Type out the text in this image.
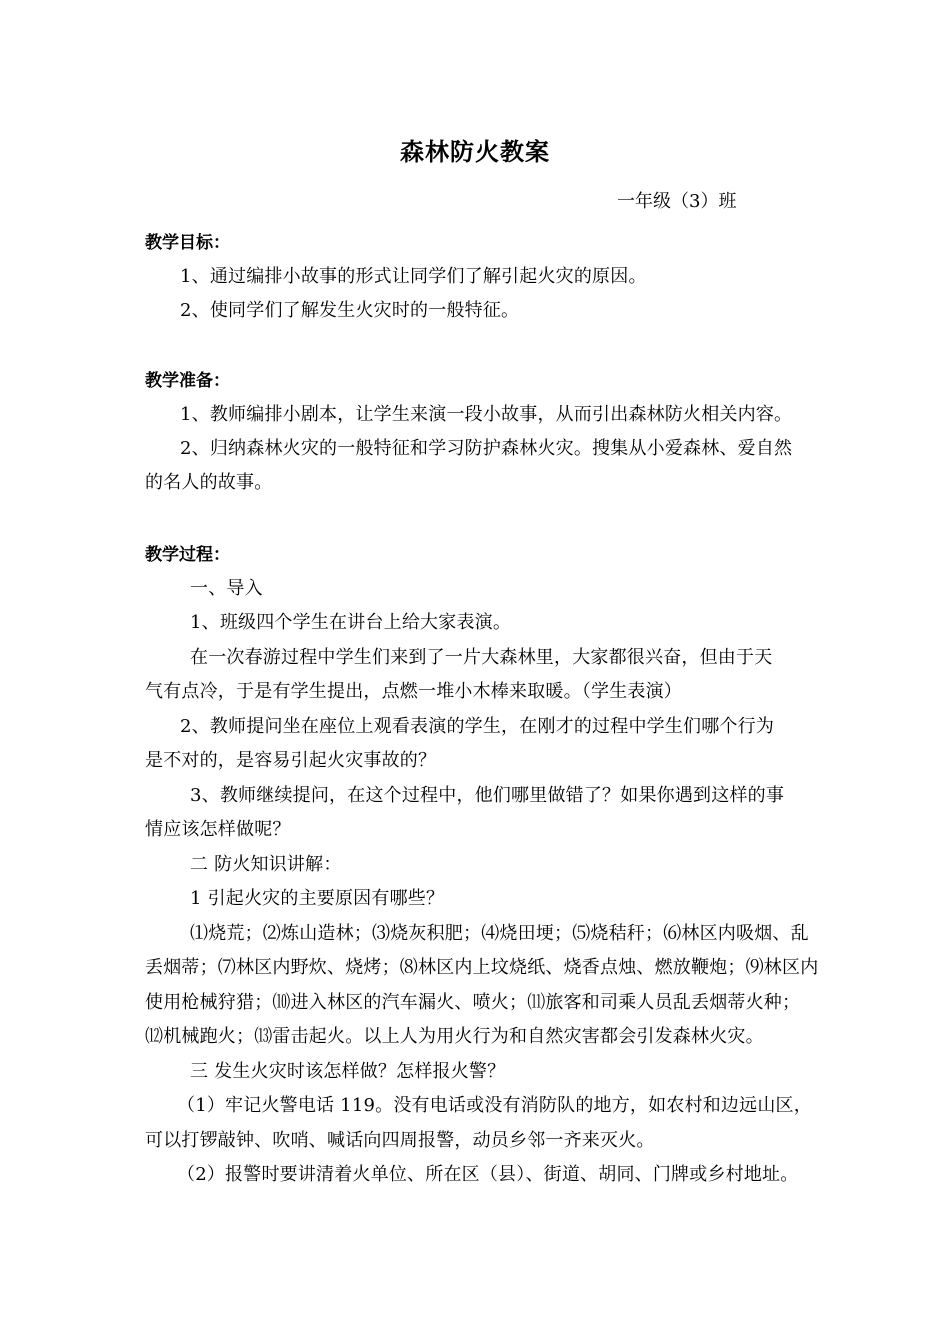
森林防火教案
一年级（3）班
教学目标：
1、通过编排小故事的形式让同学们了解引起火灾的原因。
2、使同学们了解发生火灾时的一般特征。
教学准备：
1、教师编排小剧本，让学生来演一段小故事，从而引出森林防火相关内容。
2、归纳森林火灾的一般特征和学习防护森林火灾。搜集从小爱森林、爱自然
的名人的故事。
教学过程：
一、导入
1、班级四个学生在讲台上给大家表演。
在一次春游过程中学生们来到了一片大森林里，大家都很兴奋，但由于天
气有点冷，于是有学生提出，点燃一堆小木棒来取暖。（学生表演）
2、教师提问坐在座位上观看表演的学生，在刚才的过程中学生们哪个行为
是不对的，是容易引起火灾事故的？
3、教师继续提问，在这个过程中，他们哪里做错了？如果你遇到这样的事
情应该怎样做呢？
二 防火知识讲解：
1 引起火灾的主要原因有哪些？
⑴烧荒；⑵炼山造林；⑶烧灰积肥；⑷烧田埂；⑸烧秸秆；⑹林区内吸烟、乱
丢烟蒂；⑺林区内野炊、烧烤；⑻林区内上坟烧纸、烧香点烛、燃放鞭炮；⑼林区内
使用枪械狩猎；⑽进入林区的汽车漏火、喷火；⑾旅客和司乘人员乱丢烟蒂火种；
⑿机械跑火；⒀雷击起火。以上人为用火行为和自然灾害都会引发森林火灾。
三 发生火灾时该怎样做？怎样报火警？
（1）牢记火警电话 119。没有电话或没有消防队的地方，如农村和边远山区，
可以打锣敲钟、吹哨、喊话向四周报警，动员乡邻一齐来灭火。
（2）报警时要讲清着火单位、所在区（县）、街道、胡同、门牌或乡村地址。
